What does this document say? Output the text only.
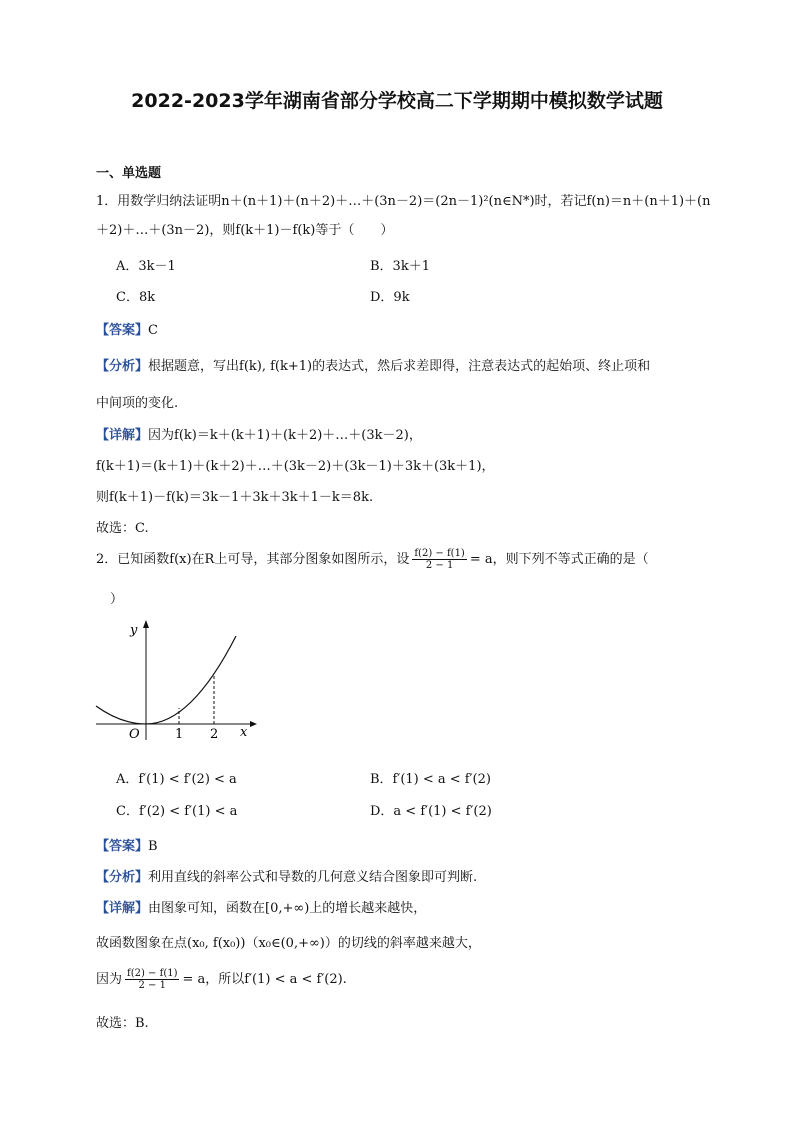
2022-2023学年湖南省部分学校高二下学期期中模拟数学试题
一、单选题
1．用数学归纳法证明n＋(n＋1)＋(n＋2)＋…＋(3n－2)＝(2n－1)²(n∈N*)时，若记f(n)＝n＋(n＋1)＋(n
＋2)＋…＋(3n－2)，则f(k＋1)－f(k)等于（　　）
A．3k－1	B．3k＋1
C．8k	D．9k
【答案】C
【分析】根据题意，写出f(k), f(k+1)的表达式，然后求差即得，注意表达式的起始项、终止项和
中间项的变化.
【详解】因为f(k)＝k＋(k＋1)＋(k＋2)＋…＋(3k－2)，
f(k＋1)＝(k＋1)＋(k＋2)＋…＋(3k－2)＋(3k－1)＋3k＋(3k＋1)，
则f(k＋1)－f(k)＝3k－1＋3k＋3k＋1－k＝8k.
故选：C.
2．已知函数f(x)在R上可导，其部分图象如图所示，设 $\frac{f(2) - f(1)}{2 - 1} = a$，则下列不等式正确的是（
）
y
x
O	1 2
A．f′(1) < f′(2) < a	B．f′(1) < a < f′(2)
C．f′(2) < f′(1) < a	D．a < f′(1) < f′(2)
【答案】B
【分析】利用直线的斜率公式和导数的几何意义结合图象即可判断.
【详解】由图象可知，函数在[0,+∞)上的增长越来越快，
故函数图象在点(x₀, f(x₀))（x₀∈(0,+∞)）的切线的斜率越来越大，
因为 $\frac{f(2) - f(1)}{2 - 1} = a$，所以f′(1) < a < f′(2).
故选：B.
